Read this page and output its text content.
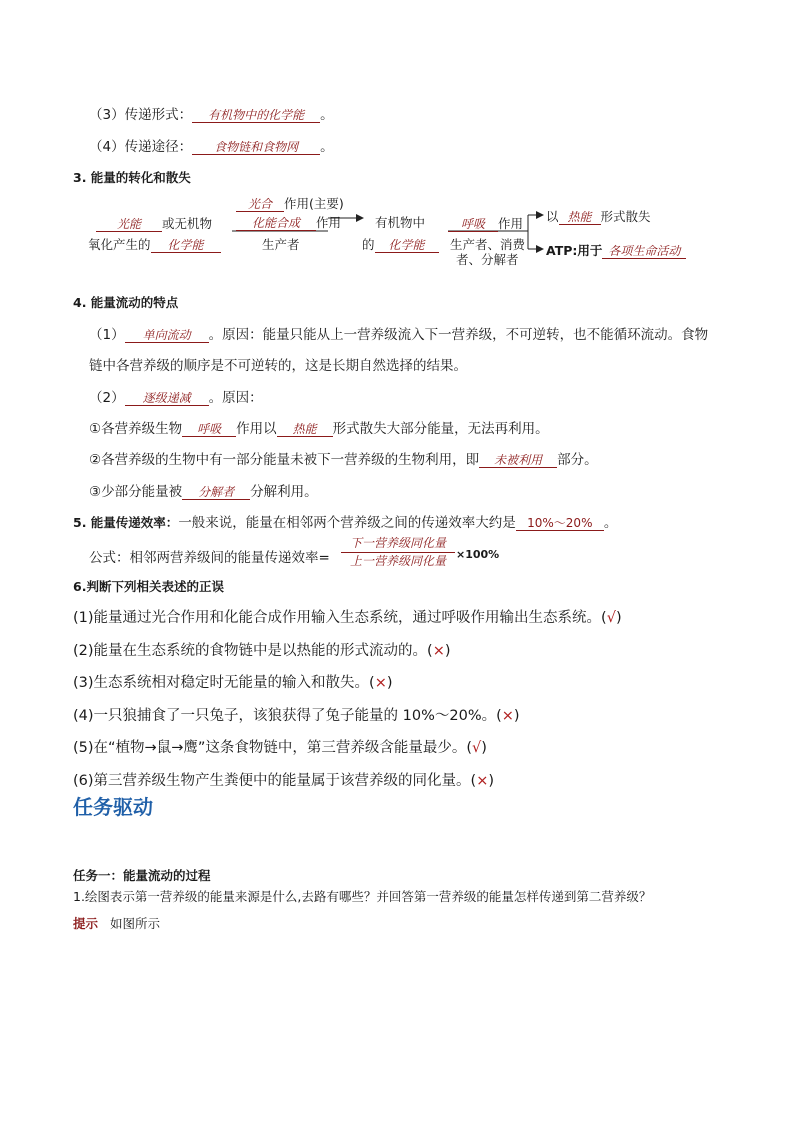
（3）传递形式： 有机物中的化学能 。
（4）传递途径： 食物链和食物网 。
3. 能量的转化和散失
光能 或无机物
氧化产生的 化学能
光合 作用(主要)
化能合成 作用
生产者
有机物中
的 化学能
呼吸 作用
生产者、消费
者、分解者
以 热能 形式散失
ATP:用于 各项生命活动
4. 能量流动的特点
（1） 单向流动 。原因：能量只能从上一营养级流入下一营养级，不可逆转，也不能循环流动。食物
链中各营养级的顺序是不可逆转的，这是长期自然选择的结果。
（2） 逐级递减 。原因：
①各营养级生物 呼吸 作用以 热能 形式散失大部分能量，无法再利用。
②各营养级的生物中有一部分能量未被下一营养级的生物利用，即 未被利用 部分。
③少部分能量被 分解者 分解利用。
5. 能量传递效率：一般来说，能量在相邻两个营养级之间的传递效率大约是 10%～20% 。
公式：相邻两营养级间的能量传递效率=
下一营养级同化量
上一营养级同化量 ×100%
6.判断下列相关表述的正误
(1)能量通过光合作用和化能合成作用输入生态系统，通过呼吸作用输出生态系统。(√)
(2)能量在生态系统的食物链中是以热能的形式流动的。(×)
(3)生态系统相对稳定时无能量的输入和散失。(×)
(4)一只狼捕食了一只兔子，该狼获得了兔子能量的 10%～20%。(×)
(5)在“植物→鼠→鹰”这条食物链中，第三营养级含能量最少。(√)
(6)第三营养级生物产生粪便中的能量属于该营养级的同化量。(×)
任务驱动
任务一：能量流动的过程
1.绘图表示第一营养级的能量来源是什么,去路有哪些？并回答第一营养级的能量怎样传递到第二营养级？
提示 如图所示
